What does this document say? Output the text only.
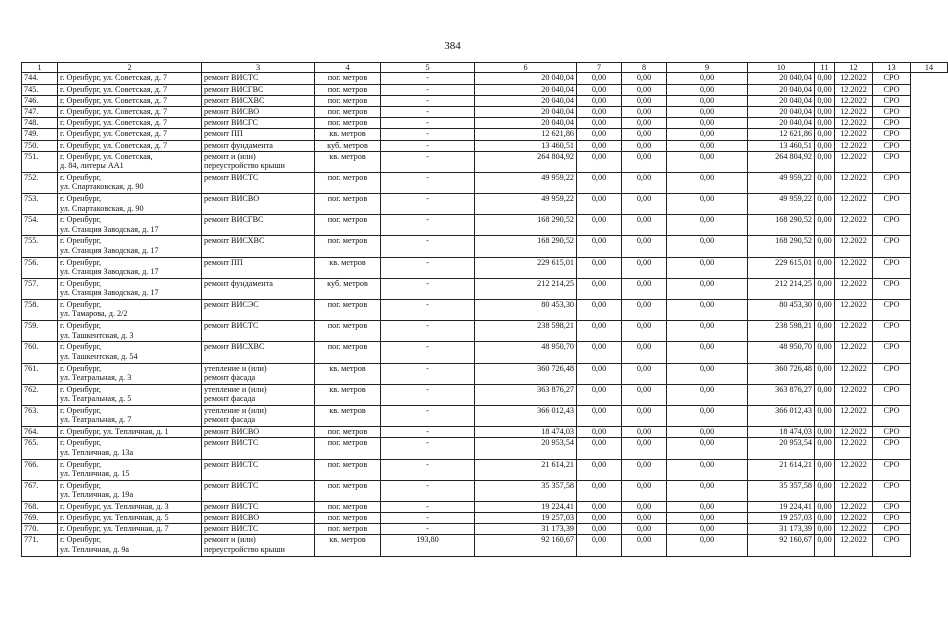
384
1	2	3	4	5	6	7	8	9	10	11	12	13	14
744.	г. Оренбург, ул. Советская, д. 7	ремонт ВИСТС	пог. метров	-	20 040,04	0,00	0,00	0,00	20 040,04	0,00	12.2022	СРО	
745.	г. Оренбург, ул. Советская, д. 7	ремонт ВИСГВС	пог. метров	-	20 040,04	0,00	0,00	0,00	20 040,04	0,00	12.2022	СРО	
746.	г. Оренбург, ул. Советская, д. 7	ремонт ВИСХВС	пог. метров	-	20 040,04	0,00	0,00	0,00	20 040,04	0,00	12.2022	СРО	
747.	г. Оренбург, ул. Советская, д. 7	ремонт ВИСВО	пог. метров	-	20 040,04	0,00	0,00	0,00	20 040,04	0,00	12.2022	СРО	
748.	г. Оренбург, ул. Советская, д. 7	ремонт ВИСГС	пог. метров	-	20 040,04	0,00	0,00	0,00	20 040,04	0,00	12.2022	СРО	
749.	г. Оренбург, ул. Советская, д. 7	ремонт ПП	кв. метров	-	12 621,86	0,00	0,00	0,00	12 621,86	0,00	12.2022	СРО	
750.	г. Оренбург, ул. Советская, д. 7	ремонт фундамента	куб. метров	-	13 460,51	0,00	0,00	0,00	13 460,51	0,00	12.2022	СРО	
751.	г. Оренбург, ул. Советская,
д. 84, литеры АА1	ремонт и (или)
переустройство крыши	кв. метров	-	264 804,92	0,00	0,00	0,00	264 804,92	0,00	12.2022	СРО	
752.	г. Оренбург,
ул. Спартаковская, д. 90	ремонт ВИСТС	пог. метров	-	49 959,22	0,00	0,00	0,00	49 959,22	0,00	12.2022	СРО	
753.	г. Оренбург,
ул. Спартаковская, д. 90	ремонт ВИСВО	пог. метров	-	49 959,22	0,00	0,00	0,00	49 959,22	0,00	12.2022	СРО	
754.	г. Оренбург,
ул. Станция Заводская, д. 17	ремонт ВИСГВС	пог. метров	-	168 290,52	0,00	0,00	0,00	168 290,52	0,00	12.2022	СРО	
755.	г. Оренбург,
ул. Станция Заводская, д. 17	ремонт ВИСХВС	пог. метров	-	168 290,52	0,00	0,00	0,00	168 290,52	0,00	12.2022	СРО	
756.	г. Оренбург,
ул. Станция Заводская, д. 17	ремонт ПП	кв. метров	-	229 615,01	0,00	0,00	0,00	229 615,01	0,00	12.2022	СРО	
757.	г. Оренбург,
ул. Станция Заводская, д. 17	ремонт фундамента	куб. метров	-	212 214,25	0,00	0,00	0,00	212 214,25	0,00	12.2022	СРО	
758.	г. Оренбург,
ул. Тамарова, д. 2/2	ремонт ВИСЭС	пог. метров	-	80 453,30	0,00	0,00	0,00	80 453,30	0,00	12.2022	СРО	
759.	г. Оренбург,
ул. Ташкентская, д. 3	ремонт ВИСТС	пог. метров	-	238 598,21	0,00	0,00	0,00	238 598,21	0,00	12.2022	СРО	
760.	г. Оренбург,
ул. Ташкентская, д. 54	ремонт ВИСХВС	пог. метров	-	48 950,70	0,00	0,00	0,00	48 950,70	0,00	12.2022	СРО	
761.	г. Оренбург,
ул. Театральная, д. 3	утепление и (или)
ремонт фасада	кв. метров	-	360 726,48	0,00	0,00	0,00	360 726,48	0,00	12.2022	СРО	
762.	г. Оренбург,
ул. Театральная, д. 5	утепление и (или)
ремонт фасада	кв. метров	-	363 876,27	0,00	0,00	0,00	363 876,27	0,00	12.2022	СРО	
763.	г. Оренбург,
ул. Театральная, д. 7	утепление и (или)
ремонт фасада	кв. метров	-	366 012,43	0,00	0,00	0,00	366 012,43	0,00	12.2022	СРО	
764.	г. Оренбург, ул. Тепличная, д. 1	ремонт ВИСВО	пог. метров	-	18 474,03	0,00	0,00	0,00	18 474,03	0,00	12.2022	СРО	
765.	г. Оренбург,
ул. Тепличная, д. 13а	ремонт ВИСТС	пог. метров	-	20 953,54	0,00	0,00	0,00	20 953,54	0,00	12.2022	СРО	
766.	г. Оренбург,
ул. Тепличная, д. 15	ремонт ВИСТС	пог. метров	-	21 614,21	0,00	0,00	0,00	21 614,21	0,00	12.2022	СРО	
767.	г. Оренбург,
ул. Тепличная, д. 19а	ремонт ВИСТС	пог. метров	-	35 357,58	0,00	0,00	0,00	35 357,58	0,00	12.2022	СРО	
768.	г. Оренбург, ул. Тепличная, д. 3	ремонт ВИСТС	пог. метров	-	19 224,41	0,00	0,00	0,00	19 224,41	0,00	12.2022	СРО	
769.	г. Оренбург, ул. Тепличная, д. 5	ремонт ВИСВО	пог. метров	-	19 257,03	0,00	0,00	0,00	19 257,03	0,00	12.2022	СРО	
770.	г. Оренбург, ул. Тепличная, д. 7	ремонт ВИСТС	пог. метров	-	31 173,39	0,00	0,00	0,00	31 173,39	0,00	12.2022	СРО	
771.	г. Оренбург,
ул. Тепличная, д. 9а	ремонт и (или)
переустройство крыши	кв. метров	193,80	92 160,67	0,00	0,00	0,00	92 160,67	0,00	12.2022	СРО	
